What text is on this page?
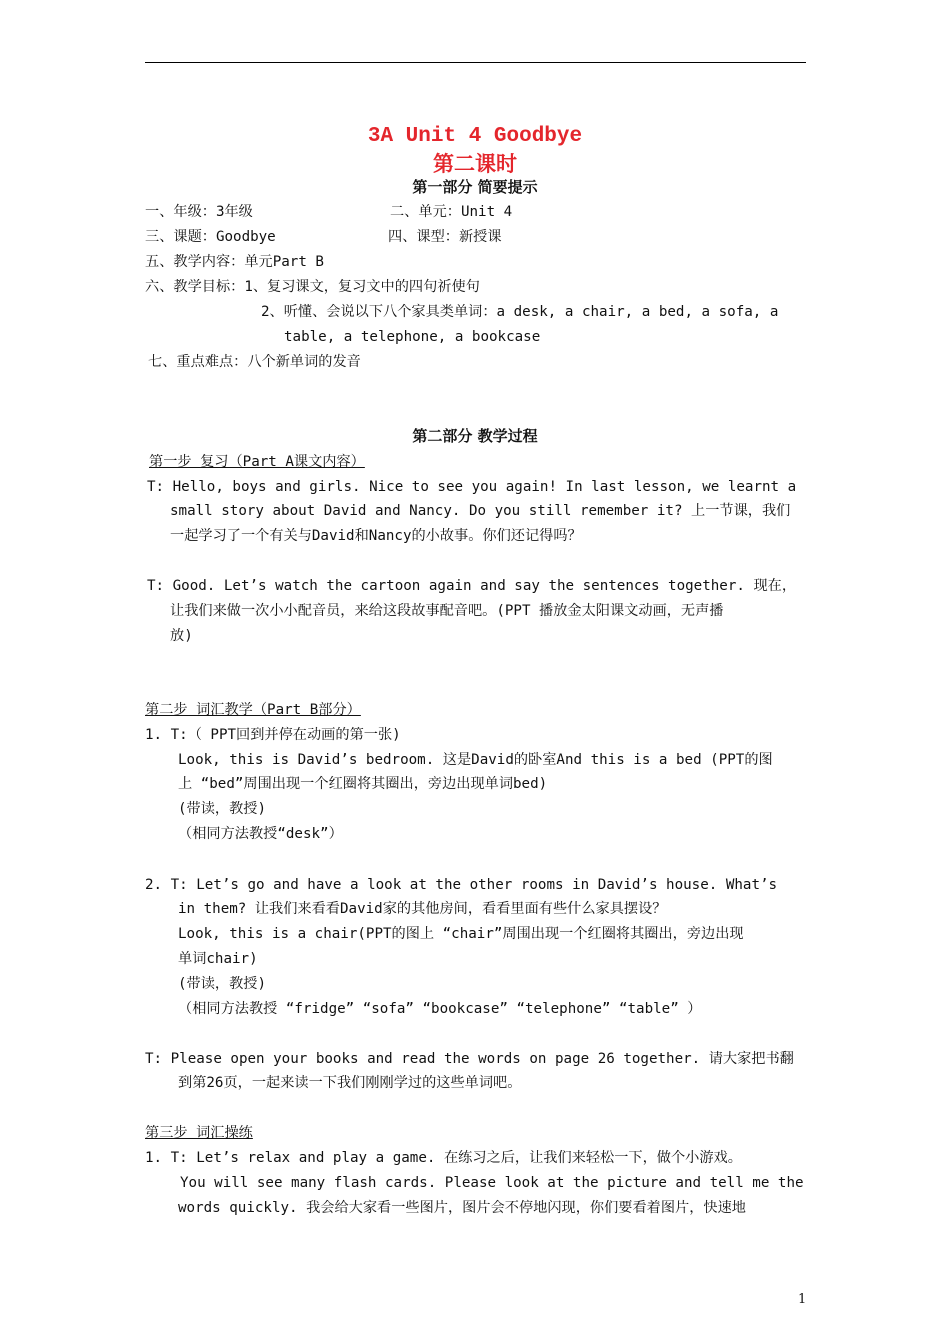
3A Unit 4 Goodbye
第二课时
第一部分 简要提示
一、年级：3年级	二、单元：Unit 4
三、课题：Goodbye	四、课型：新授课
五、教学内容：单元Part B
六、教学目标：1、复习课文，复习文中的四句祈使句
2、听懂、会说以下八个家具类单词：a desk, a chair, a bed, a sofa, a
table, a telephone, a bookcase
七、重点难点：八个新单词的发音
第二部分 教学过程
第一步 复习（Part A课文内容）
T: Hello, boys and girls. Nice to see you again! In last lesson, we learnt a
small story about David and Nancy. Do you still remember it? 上一节课，我们
一起学习了一个有关与David和Nancy的小故事。你们还记得吗？
T: Good. Let’s watch the cartoon again and say the sentences together. 现在，
让我们来做一次小小配音员，来给这段故事配音吧。(PPT 播放金太阳课文动画，无声播
放)
第二步 词汇教学（Part B部分）
1. T:（ PPT回到并停在动画的第一张)
Look, this is David’s bedroom. 这是David的卧室And this is a bed (PPT的图
上 “bed”周围出现一个红圈将其圈出，旁边出现单词bed)
(带读，教授)
（相同方法教授“desk”）
2. T: Let’s go and have a look at the other rooms in David’s house. What’s
in them? 让我们来看看David家的其他房间，看看里面有些什么家具摆设？
Look, this is a chair(PPT的图上 “chair”周围出现一个红圈将其圈出，旁边出现
单词chair)
(带读，教授)
（相同方法教授 “fridge” “sofa” “bookcase” “telephone” “table” ）
T: Please open your books and read the words on page 26 together. 请大家把书翻
到第26页，一起来读一下我们刚刚学过的这些单词吧。
第三步 词汇操练
1. T: Let’s relax and play a game. 在练习之后，让我们来轻松一下，做个小游戏。
You will see many flash cards. Please look at the picture and tell me the
words quickly. 我会给大家看一些图片，图片会不停地闪现，你们要看着图片，快速地
1
